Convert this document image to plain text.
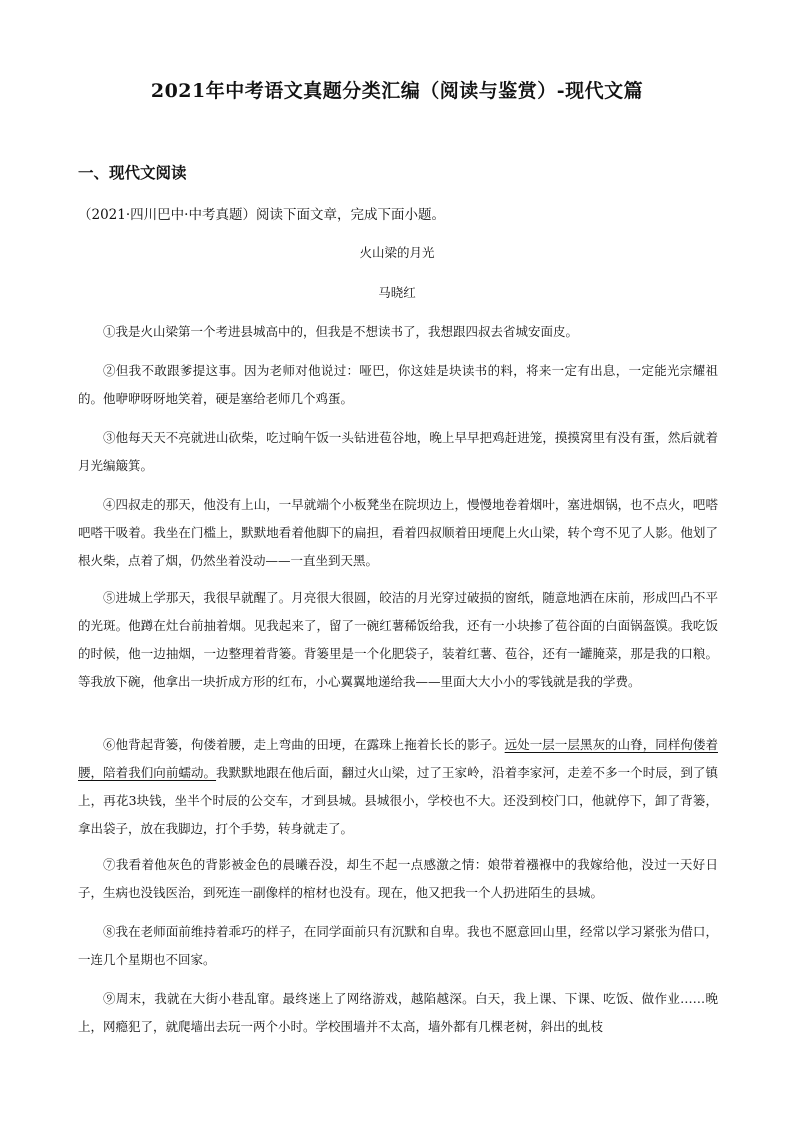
2021年中考语文真题分类汇编（阅读与鉴赏）-现代文篇
一、现代文阅读
（2021·四川巴中·中考真题）阅读下面文章，完成下面小题。
火山梁的月光
马晓红

①我是火山梁第一个考进县城高中的，但我是不想读书了，我想跟四叔去省城安面皮。

②但我不敢跟爹提这事。因为老师对他说过：哑巴，你这娃是块读书的料，将来一定有出息，一定能光宗耀祖的。他咿咿呀呀地笑着，硬是塞给老师几个鸡蛋。

③他每天天不亮就进山砍柴，吃过晌午饭一头钻进苞谷地，晚上早早把鸡赶进笼，摸摸窝里有没有蛋，然后就着月光编簸箕。

④四叔走的那天，他没有上山，一早就端个小板凳坐在院坝边上，慢慢地卷着烟叶，塞进烟锅，也不点火，吧嗒吧嗒干吸着。我坐在门槛上，默默地看着他脚下的扁担，看着四叔顺着田埂爬上火山梁，转个弯不见了人影。他划了根火柴，点着了烟，仍然坐着没动——一直坐到天黑。

⑤进城上学那天，我很早就醒了。月亮很大很圆，皎洁的月光穿过破损的窗纸，随意地洒在床前，形成凹凸不平的光斑。他蹲在灶台前抽着烟。见我起来了，留了一碗红薯稀饭给我，还有一小块掺了苞谷面的白面锅盔馍。我吃饭的时候，他一边抽烟，一边整理着背篓。背篓里是一个化肥袋子，装着红薯、苞谷，还有一罐腌菜，那是我的口粮。等我放下碗，他拿出一块折成方形的红布，小心翼翼地递给我——里面大大小小的零钱就是我的学费。

⑥他背起背篓，佝偻着腰，走上弯曲的田埂，在露珠上拖着长长的影子。远处一层一层黑灰的山脊，同样佝偻着腰，陪着我们向前蠕动。我默默地跟在他后面，翻过火山梁，过了王家岭，沿着李家河，走差不多一个时辰，到了镇上，再花3块钱，坐半个时辰的公交车，才到县城。县城很小，学校也不大。还没到校门口，他就停下，卸了背篓，拿出袋子，放在我脚边，打个手势，转身就走了。

⑦我看着他灰色的背影被金色的晨曦吞没，却生不起一点感激之情：娘带着襁褓中的我嫁给他，没过一天好日子，生病也没钱医治，到死连一副像样的棺材也没有。现在，他又把我一个人扔进陌生的县城。

⑧我在老师面前维持着乖巧的样子，在同学面前只有沉默和自卑。我也不愿意回山里，经常以学习紧张为借口，一连几个星期也不回家。

⑨周末，我就在大街小巷乱窜。最终迷上了网络游戏，越陷越深。白天，我上课、下课、吃饭、做作业……晚上，网瘾犯了，就爬墙出去玩一两个小时。学校围墙并不太高，墙外都有几棵老树，斜出的虬枝
